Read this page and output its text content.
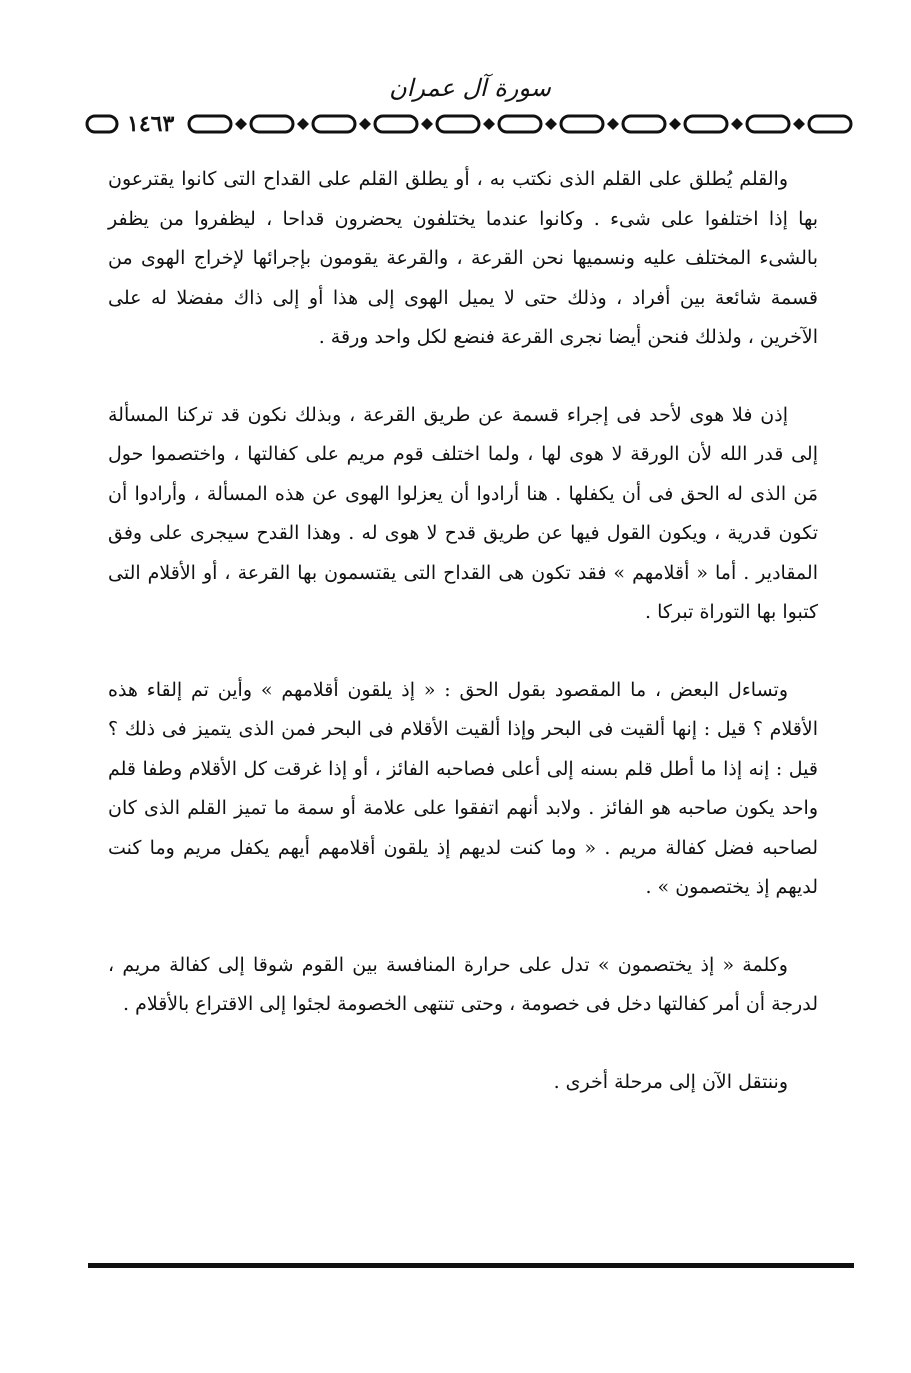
سورة آل عمران
١٤٦٣

والقلم يُطلق على القلم الذى نكتب به ، أو يطلق القلم على القداح التى كانوا يقترعون بها إذا اختلفوا على شىء . وكانوا عندما يختلفون يحضرون قداحا ، ليظفروا من يظفر بالشىء المختلف عليه ونسميها نحن القرعة ، والقرعة يقومون بإجرائها لإخراج الهوى من قسمة شائعة بين أفراد ، وذلك حتى لا يميل الهوى إلى هذا أو إلى ذاك مفضلا له على الآخرين ، ولذلك فنحن أيضا نجرى القرعة فنضع لكل واحد ورقة .

إذن فلا هوى لأحد فى إجراء قسمة عن طريق القرعة ، وبذلك نكون قد تركنا المسألة إلى قدر الله لأن الورقة لا هوى لها ، ولما اختلف قوم مريم على كفالتها ، واختصموا حول مَن الذى له الحق فى أن يكفلها . هنا أرادوا أن يعزلوا الهوى عن هذه المسألة ، وأرادوا أن تكون قدرية ، ويكون القول فيها عن طريق قدح لا هوى له . وهذا القدح سيجرى على وفق المقادير . أما « أقلامهم » فقد تكون هى القداح التى يقتسمون بها القرعة ، أو الأقلام التى كتبوا بها التوراة تبركا .

وتساءل البعض ، ما المقصود بقول الحق : « إذ يلقون أقلامهم » وأين تم إلقاء هذه الأقلام ؟ قيل : إنها ألقيت فى البحر وإذا ألقيت الأقلام فى البحر فمن الذى يتميز فى ذلك ؟ قيل : إنه إذا ما أطل قلم بسنه إلى أعلى فصاحبه الفائز ، أو إذا غرقت كل الأقلام وطفا قلم واحد يكون صاحبه هو الفائز . ولابد أنهم اتفقوا على علامة أو سمة ما تميز القلم الذى كان لصاحبه فضل كفالة مريم . « وما كنت لديهم إذ يلقون أقلامهم أيهم يكفل مريم وما كنت لديهم إذ يختصمون » .

وكلمة « إذ يختصمون » تدل على حرارة المنافسة بين القوم شوقا إلى كفالة مريم ، لدرجة أن أمر كفالتها دخل فى خصومة ، وحتى تنتهى الخصومة لجئوا إلى الاقتراع بالأقلام .

وننتقل الآن إلى مرحلة أخرى .
